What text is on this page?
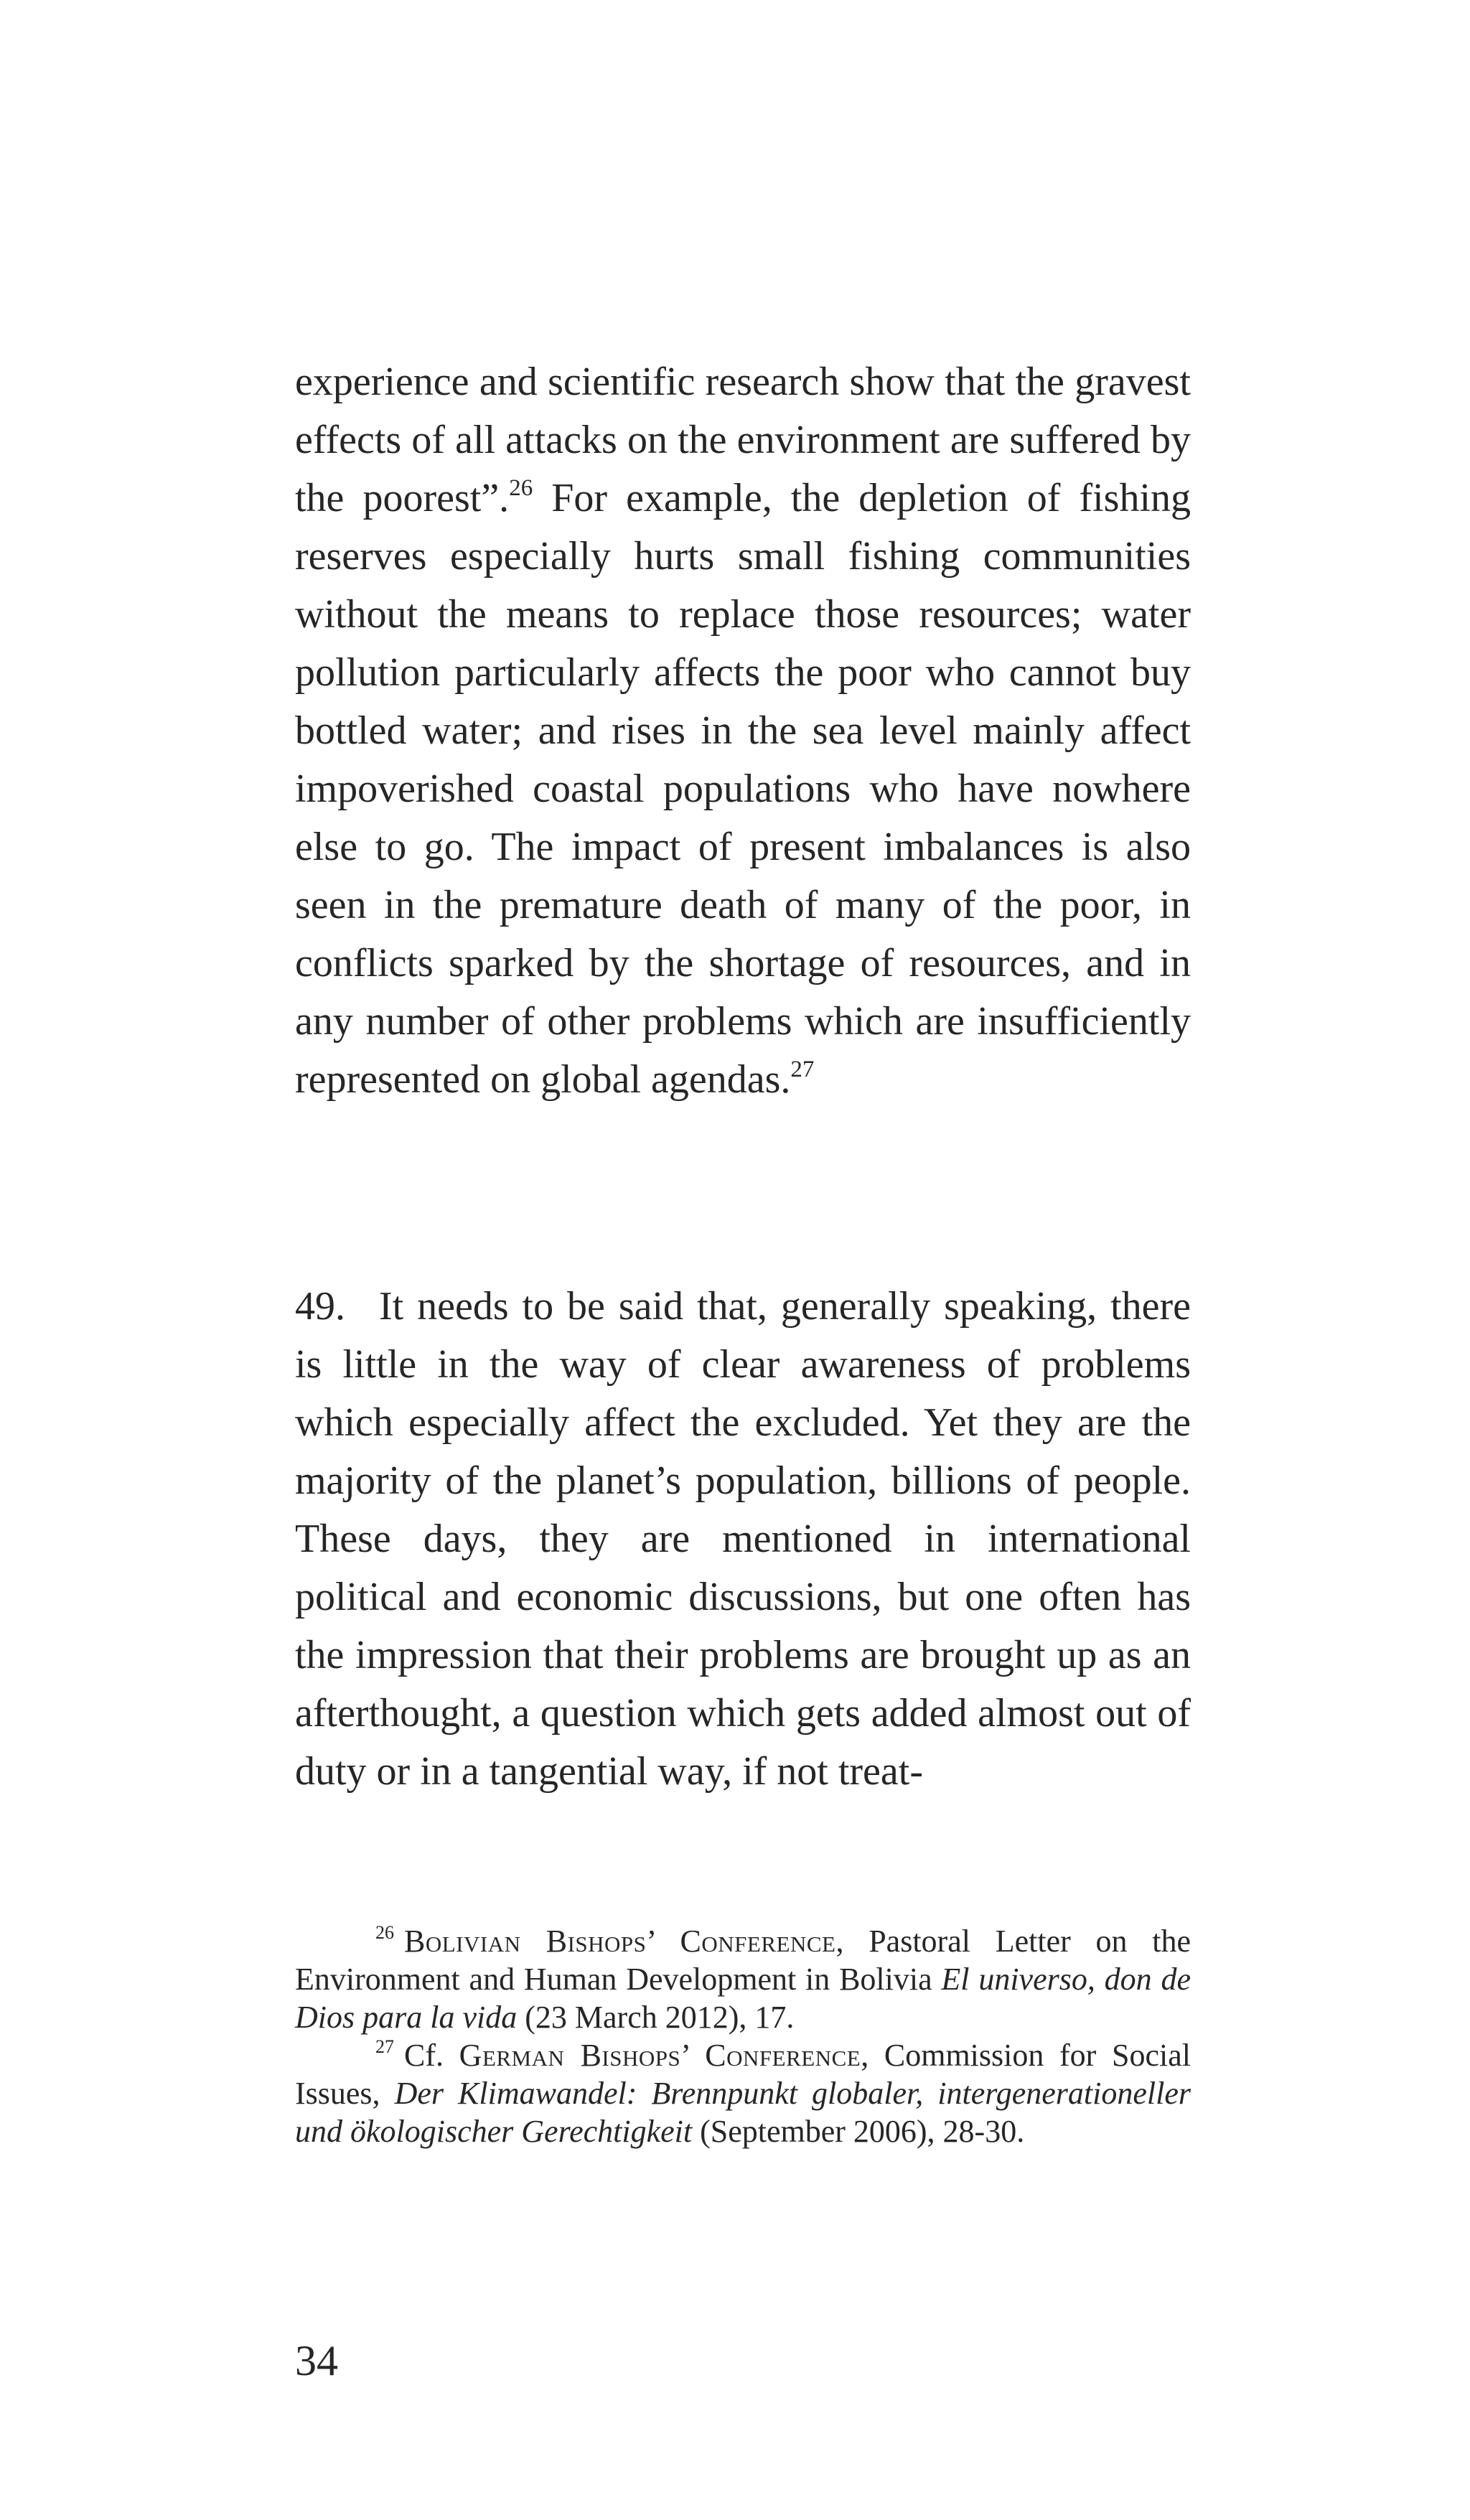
experience and scientific research show that the gravest effects of all attacks on the environment are suffered by the poorest”.$^{26}$ For example, the depletion of fishing reserves especially hurts small fishing communities without the means to replace those resources; water pollution particularly affects the poor who cannot buy bottled water; and rises in the sea level mainly affect impoverished coastal populations who have nowhere else to go. The impact of present imbalances is also seen in the premature death of many of the poor, in conflicts sparked by the shortage of resources, and in any number of other problems which are insufficiently represented on global agendas.$^{27}$

49. It needs to be said that, generally speaking, there is little in the way of clear awareness of problems which especially affect the excluded. Yet they are the majority of the planet’s population, billions of people. These days, they are mentioned in international political and economic discussions, but one often has the impression that their problems are brought up as an afterthought, a question which gets added almost out of duty or in a tangential way, if not treat-

$^{26}$ Bolivian Bishops’ Conference, Pastoral Letter on the Environment and Human Development in Bolivia El universo, don de Dios para la vida (23 March 2012), 17.

$^{27}$ Cf. German Bishops’ Conference, Commission for Social Issues, Der Klimawandel: Brennpunkt globaler, intergenerationeller und ökologischer Gerechtigkeit (September 2006), 28-30.

34
